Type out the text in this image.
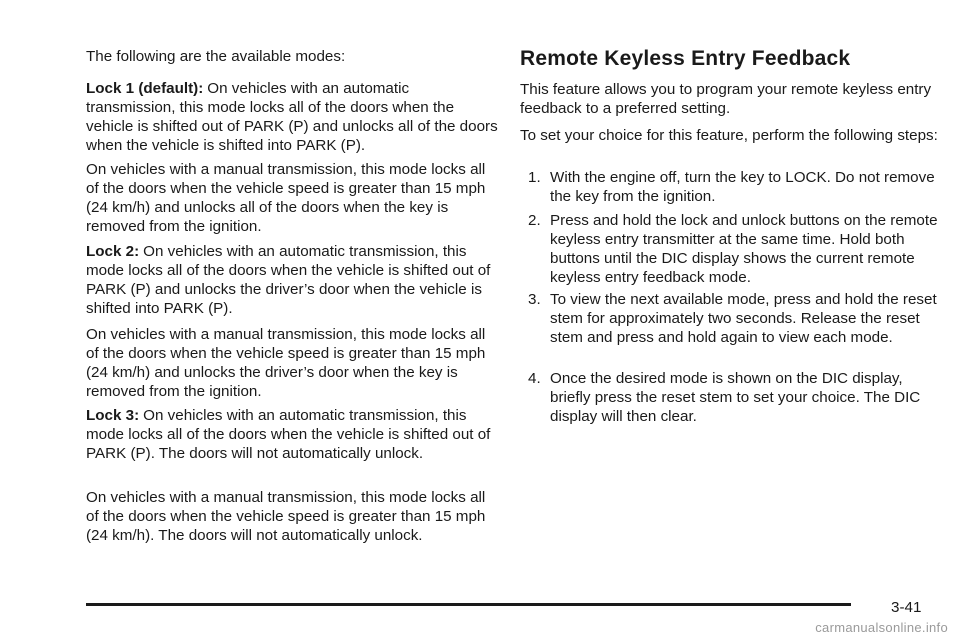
The following are the available modes:

Lock 1 (default): On vehicles with an automatic transmission, this mode locks all of the doors when the vehicle is shifted out of PARK (P) and unlocks all of the doors when the vehicle is shifted into PARK (P).

On vehicles with a manual transmission, this mode locks all of the doors when the vehicle speed is greater than 15 mph (24 km/h) and unlocks all of the doors when the key is removed from the ignition.

Lock 2: On vehicles with an automatic transmission, this mode locks all of the doors when the vehicle is shifted out of PARK (P) and unlocks the driver’s door when the vehicle is shifted into PARK (P).

On vehicles with a manual transmission, this mode locks all of the doors when the vehicle speed is greater than 15 mph (24 km/h) and unlocks the driver’s door when the key is removed from the ignition.

Lock 3: On vehicles with an automatic transmission, this mode locks all of the doors when the vehicle is shifted out of PARK (P). The doors will not automatically unlock.

On vehicles with a manual transmission, this mode locks all of the doors when the vehicle speed is greater than 15 mph (24 km/h). The doors will not automatically unlock.

Remote Keyless Entry Feedback

This feature allows you to program your remote keyless entry feedback to a preferred setting.

To set your choice for this feature, perform the following steps:

1. With the engine off, turn the key to LOCK. Do not remove the key from the ignition.
2. Press and hold the lock and unlock buttons on the remote keyless entry transmitter at the same time. Hold both buttons until the DIC display shows the current remote keyless entry feedback mode.
3. To view the next available mode, press and hold the reset stem for approximately two seconds. Release the reset stem and press and hold again to view each mode.
4. Once the desired mode is shown on the DIC display, briefly press the reset stem to set your choice. The DIC display will then clear.
3-41
carmanualsonline.info
